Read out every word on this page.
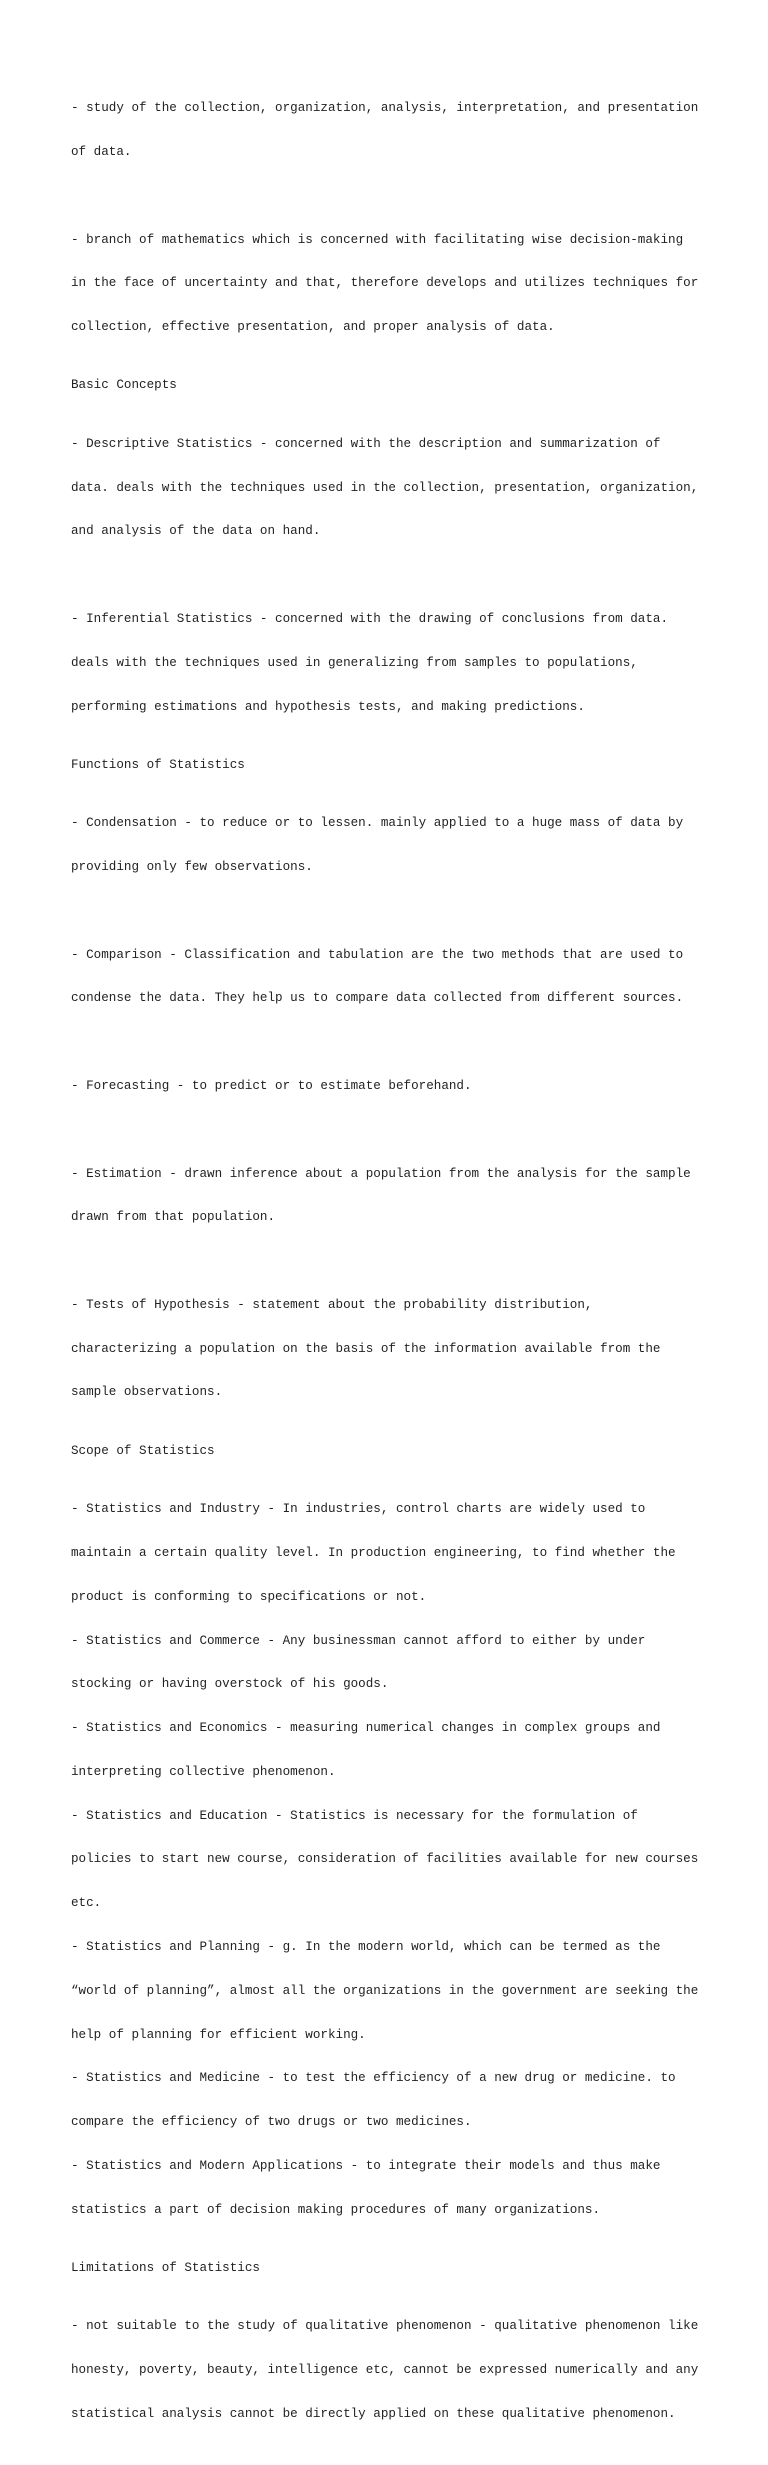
- study of the collection, organization, analysis, interpretation, and presentation

of data.

- branch of mathematics which is concerned with facilitating wise decision-making

in the face of uncertainty and that, therefore develops and utilizes techniques for

collection, effective presentation, and proper analysis of data.

Basic Concepts

- Descriptive Statistics - concerned with the description and summarization of

data. deals with the techniques used in the collection, presentation, organization,

and analysis of the data on hand.

- Inferential Statistics - concerned with the drawing of conclusions from data.

deals with the techniques used in generalizing from samples to populations,

performing estimations and hypothesis tests, and making predictions.

Functions of Statistics

- Condensation - to reduce or to lessen. mainly applied to a huge mass of data by

providing only few observations.

- Comparison - Classification and tabulation are the two methods that are used to

condense the data. They help us to compare data collected from different sources.

- Forecasting - to predict or to estimate beforehand.

- Estimation - drawn inference about a population from the analysis for the sample

drawn from that population.

- Tests of Hypothesis - statement about the probability distribution,

characterizing a population on the basis of the information available from the

sample observations.

Scope of Statistics

- Statistics and Industry - In industries, control charts are widely used to

maintain a certain quality level. In production engineering, to find whether the

product is conforming to specifications or not.

- Statistics and Commerce - Any businessman cannot afford to either by under

stocking or having overstock of his goods.

- Statistics and Economics - measuring numerical changes in complex groups and

interpreting collective phenomenon.

- Statistics and Education - Statistics is necessary for the formulation of

policies to start new course, consideration of facilities available for new courses

etc.

- Statistics and Planning - g. In the modern world, which can be termed as the

“world of planning”, almost all the organizations in the government are seeking the

help of planning for efficient working.

- Statistics and Medicine - to test the efficiency of a new drug or medicine. to

compare the efficiency of two drugs or two medicines.

- Statistics and Modern Applications - to integrate their models and thus make

statistics a part of decision making procedures of many organizations.

Limitations of Statistics

- not suitable to the study of qualitative phenomenon - qualitative phenomenon like

honesty, poverty, beauty, intelligence etc, cannot be expressed numerically and any

statistical analysis cannot be directly applied on these qualitative phenomenon.
